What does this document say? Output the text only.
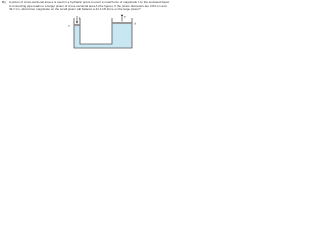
8.) A piston of cross-sectional area a is used in a hydraulic press to exert a small force of magnitude f on the enclosed liquid.
A connecting pipe leads to a larger piston of cross-sectional area A (the figure). If the piston diameters are 3.84 cm and
49.7 cm, what force magnitude on the small piston will balance a 42.4 kN force on the large piston?
f	F
a	A
